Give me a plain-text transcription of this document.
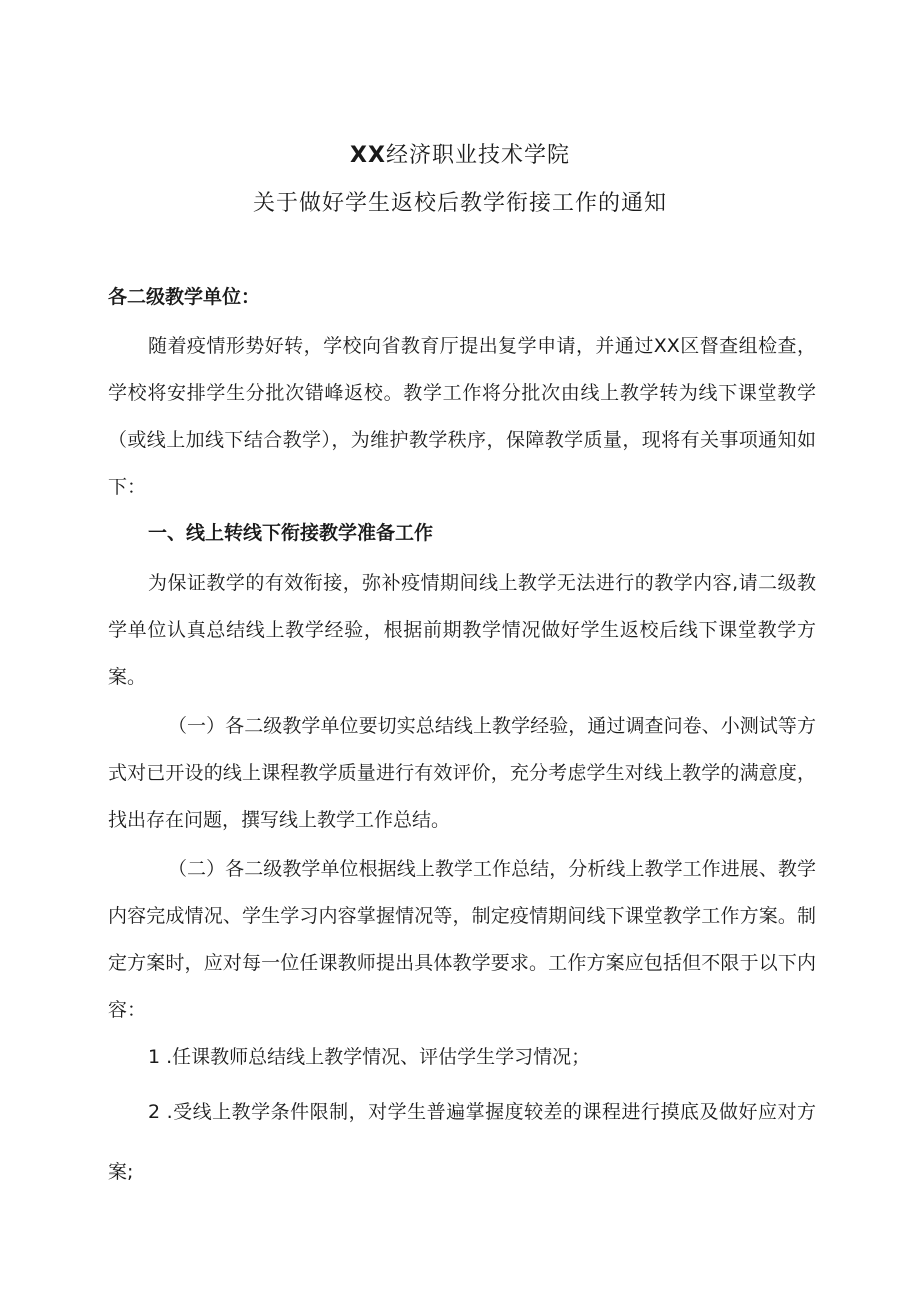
XX经济职业技术学院
关于做好学生返校后教学衔接工作的通知
各二级教学单位：
随着疫情形势好转，学校向省教育厅提出复学申请，并通过XX区督查组检查，学校将安排学生分批次错峰返校。教学工作将分批次由线上教学转为线下课堂教学（或线上加线下结合教学），为维护教学秩序，保障教学质量，现将有关事项通知如下：
一、线上转线下衔接教学准备工作
为保证教学的有效衔接，弥补疫情期间线上教学无法进行的教学内容,请二级教学单位认真总结线上教学经验，根据前期教学情况做好学生返校后线下课堂教学方案。
（一）各二级教学单位要切实总结线上教学经验，通过调查问卷、小测试等方式对已开设的线上课程教学质量进行有效评价，充分考虑学生对线上教学的满意度，找出存在问题，撰写线上教学工作总结。
（二）各二级教学单位根据线上教学工作总结，分析线上教学工作进展、教学内容完成情况、学生学习内容掌握情况等，制定疫情期间线下课堂教学工作方案。制定方案时，应对每一位任课教师提出具体教学要求。工作方案应包括但不限于以下内容：
1 .任课教师总结线上教学情况、评估学生学习情况；
2 .受线上教学条件限制，对学生普遍掌握度较差的课程进行摸底及做好应对方案;
